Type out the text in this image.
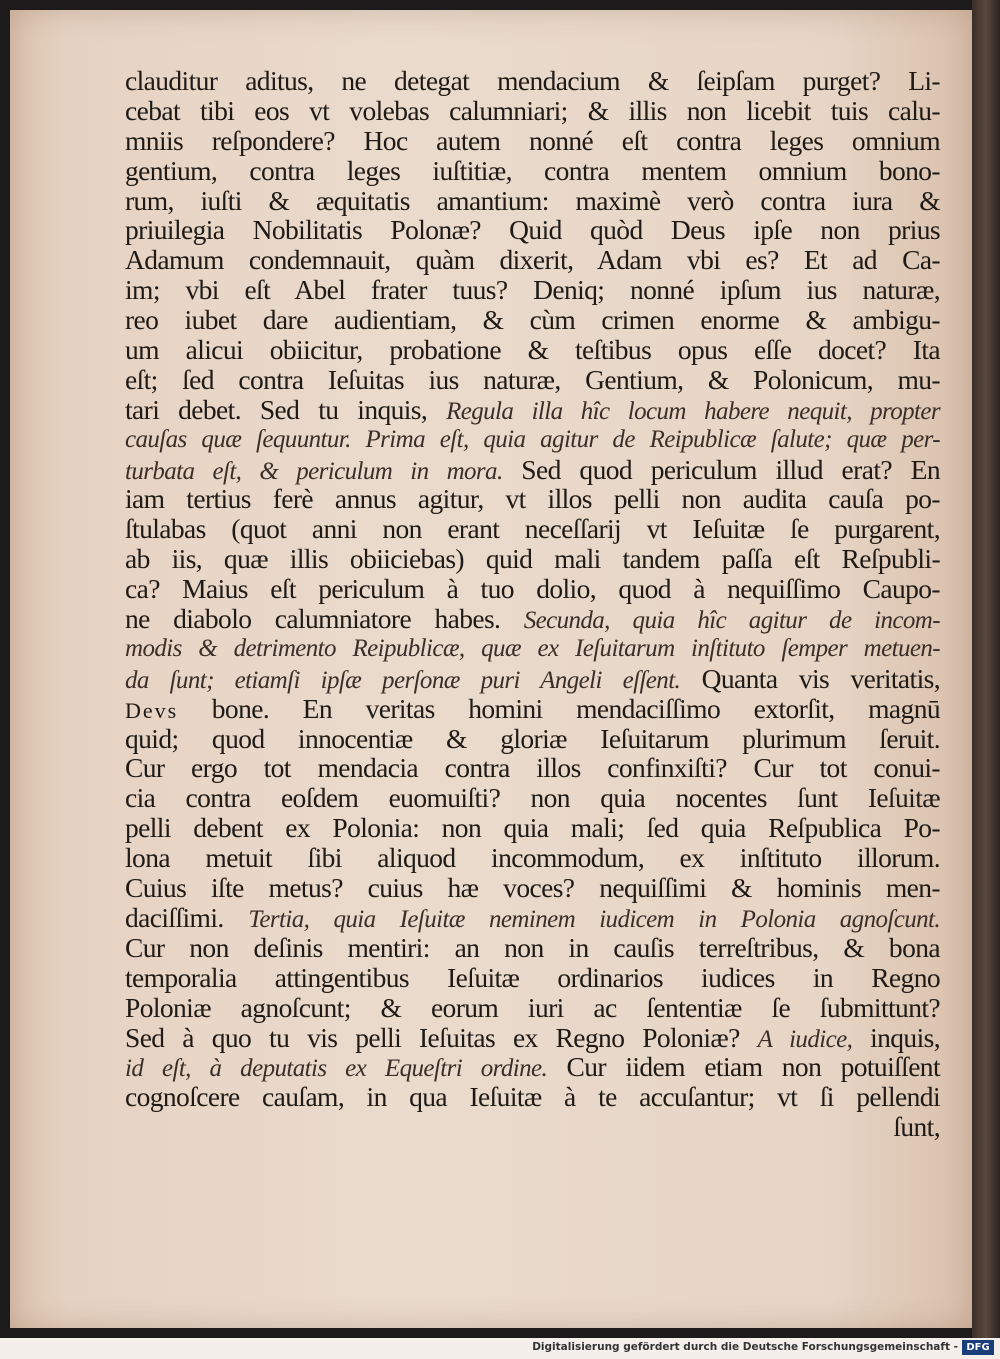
clauditur aditus, ne detegat mendacium & ſeipſam purget? Li-
cebat tibi eos vt volebas calumniari; & illis non licebit tuis calu-
mniis reſpondere? Hoc autem nonné eſt contra leges omnium
gentium, contra leges iuſtitiæ, contra mentem omnium bono-
rum, iuſti & æquitatis amantium: maximè verò contra iura &
priuilegia Nobilitatis Polonæ? Quid quòd Deus ipſe non prius
Adamum condemnauit, quàm dixerit, Adam vbi es? Et ad Ca-
im; vbi eſt Abel frater tuus? Deniq; nonné ipſum ius naturæ,
reo iubet dare audientiam, & cùm crimen enorme & ambigu-
um alicui obiicitur, probatione & teſtibus opus eſſe docet? Ita
eſt; ſed contra Ieſuitas ius naturæ, Gentium, & Polonicum, mu-
tari debet. Sed tu inquis, Regula illa hîc locum habere nequit, propter
cauſas quæ ſequuntur. Prima eſt, quia agitur de Reipublicæ ſalute; quæ per-
turbata eſt, & periculum in mora. Sed quod periculum illud erat? En
iam tertius ferè annus agitur, vt illos pelli non audita cauſa po-
ſtulabas (quot anni non erant neceſſarij vt Ieſuitæ ſe purgarent,
ab iis, quæ illis obiiciebas) quid mali tandem paſſa eſt Reſpubli-
ca? Maius eſt periculum à tuo dolio, quod à nequiſſimo Caupo-
ne diabolo calumniatore habes. Secunda, quia hîc agitur de incom-
modis & detrimento Reipublicæ, quæ ex Ieſuitarum inſtituto ſemper metuen-
da ſunt; etiamſi ipſæ perſonæ puri Angeli eſſent. Quanta vis veritatis,
Devs bone. En veritas homini mendaciſſimo extorſit, magnū
quid; quod innocentiæ & gloriæ Ieſuitarum plurimum ſeruit.
Cur ergo tot mendacia contra illos confinxiſti? Cur tot conui-
cia contra eoſdem euomuiſti? non quia nocentes ſunt Ieſuitæ
pelli debent ex Polonia: non quia mali; ſed quia Reſpublica Po-
lona metuit ſibi aliquod incommodum, ex inſtituto illorum.
Cuius iſte metus? cuius hæ voces? nequiſſimi & hominis men-
daciſſimi. Tertia, quia Ieſuitæ neminem iudicem in Polonia agnoſcunt.
Cur non deſinis mentiri: an non in cauſis terreſtribus, & bona
temporalia attingentibus Ieſuitæ ordinarios iudices in Regno
Poloniæ agnoſcunt; & eorum iuri ac ſententiæ ſe ſubmittunt?
Sed à quo tu vis pelli Ieſuitas ex Regno Poloniæ? A iudice, inquis,
id eſt, à deputatis ex Equeſtri ordine. Cur iidem etiam non potuiſſent
cognoſcere cauſam, in qua Ieſuitæ à te accuſantur; vt ſi pellendi
ſunt,
Digitalisierung gefördert durch die Deutsche Forschungsgemeinschaft - DFG
